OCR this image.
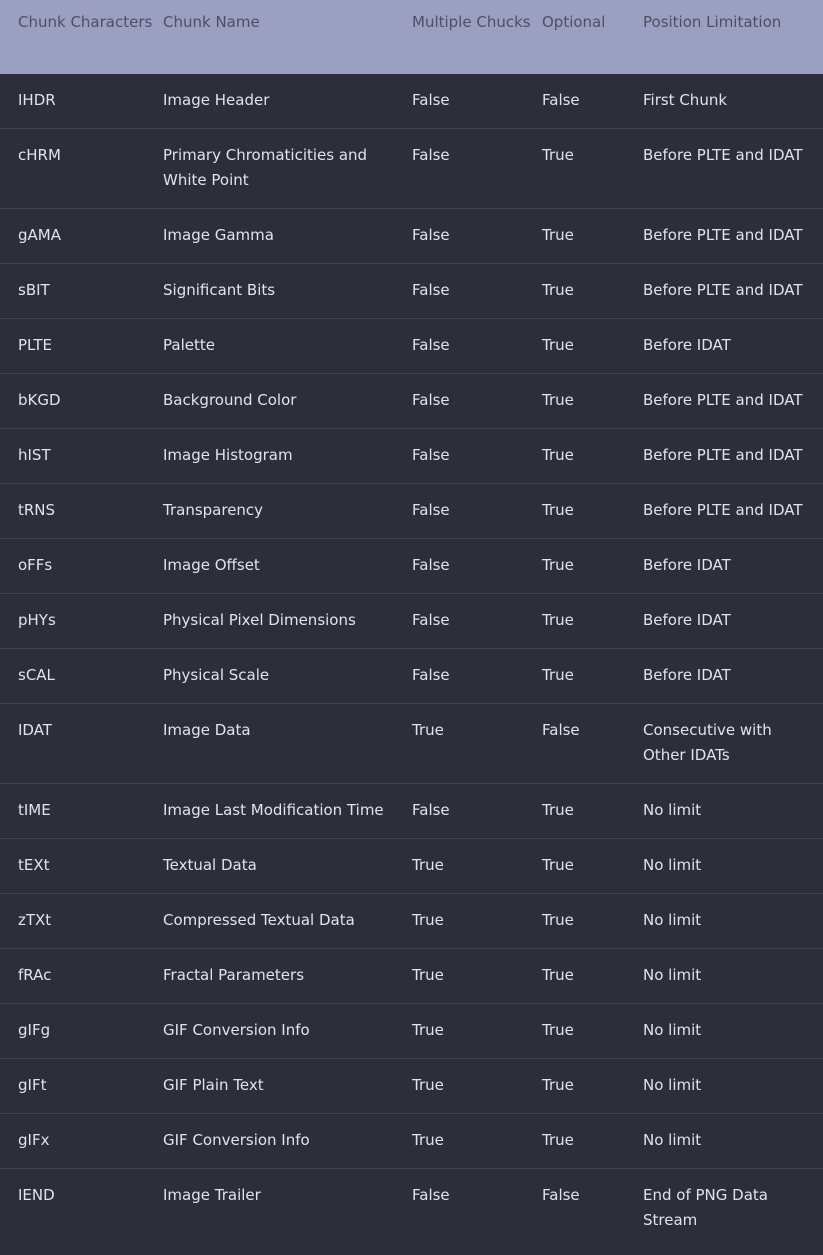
Chunk Characters	Chunk Name	Multiple Chucks	Optional	Position Limitation
IHDR	Image Header	False	False	First Chunk
cHRM	Primary Chromaticities and White Point	False	True	Before PLTE and IDAT
gAMA	Image Gamma	False	True	Before PLTE and IDAT
sBIT	Significant Bits	False	True	Before PLTE and IDAT
PLTE	Palette	False	True	Before IDAT
bKGD	Background Color	False	True	Before PLTE and IDAT
hIST	Image Histogram	False	True	Before PLTE and IDAT
tRNS	Transparency	False	True	Before PLTE and IDAT
oFFs	Image Offset	False	True	Before IDAT
pHYs	Physical Pixel Dimensions	False	True	Before IDAT
sCAL	Physical Scale	False	True	Before IDAT
IDAT	Image Data	True	False	Consecutive with Other IDATs
tIME	Image Last Modification Time	False	True	No limit
tEXt	Textual Data	True	True	No limit
zTXt	Compressed Textual Data	True	True	No limit
fRAc	Fractal Parameters	True	True	No limit
gIFg	GIF Conversion Info	True	True	No limit
gIFt	GIF Plain Text	True	True	No limit
gIFx	GIF Conversion Info	True	True	No limit
IEND	Image Trailer	False	False	End of PNG Data Stream
